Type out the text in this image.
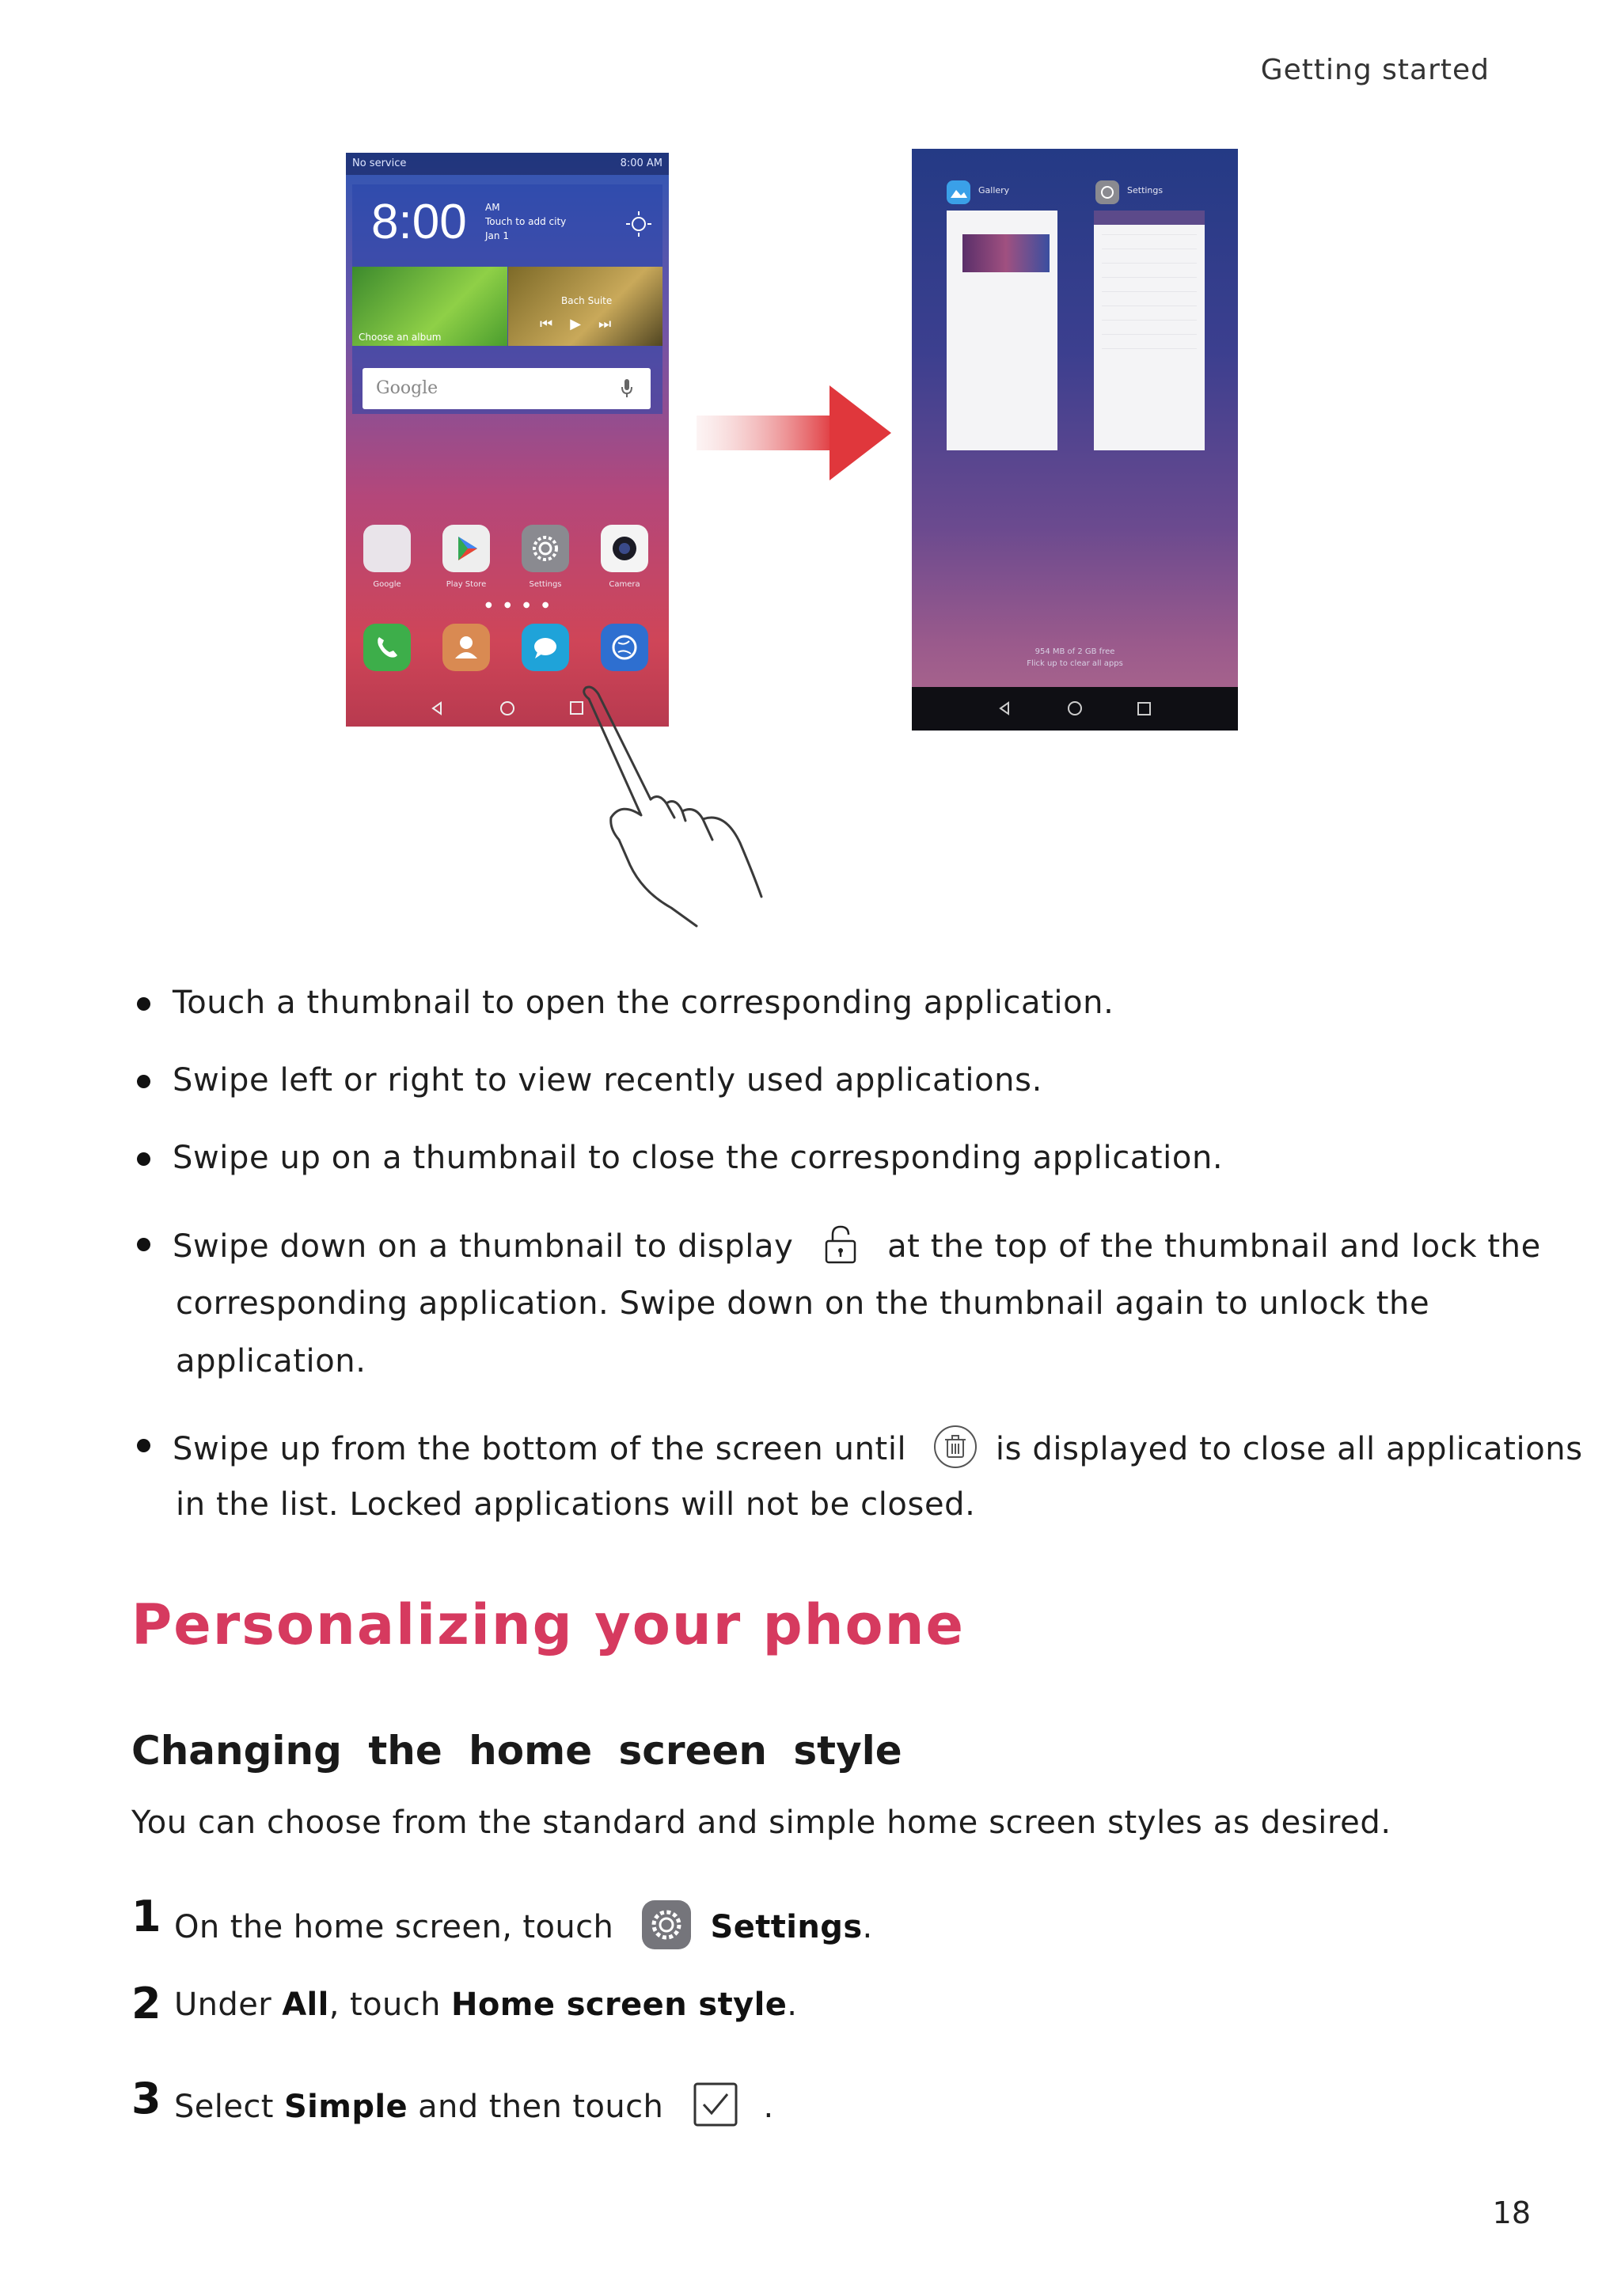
Getting started
No service	8:00 AM
8:00 AM
Touch to add city
Jan 1
Choose an album
Bach Suite
⏮▶⏭
Google
Google	Play Store	Settings	Camera
● ● ● ●
Gallery	Settings
954 MB of 2 GB free
Flick up to clear all apps
Touch a thumbnail to open the corresponding application.
Swipe left or right to view recently used applications.
Swipe up on a thumbnail to close the corresponding application.
Swipe down on a thumbnail to display	at the top of the thumbnail and lock the
corresponding application. Swipe down on the thumbnail again to unlock the
application.
Swipe up from the bottom of the screen until	is displayed to close all applications
in the list. Locked applications will not be closed.
Personalizing your phone
Changing the home screen style
You can choose from the standard and simple home screen styles as desired.
1 On the home screen, touch	Settings.
2 Under All, touch Home screen style.
3 Select Simple and then touch	.
18
